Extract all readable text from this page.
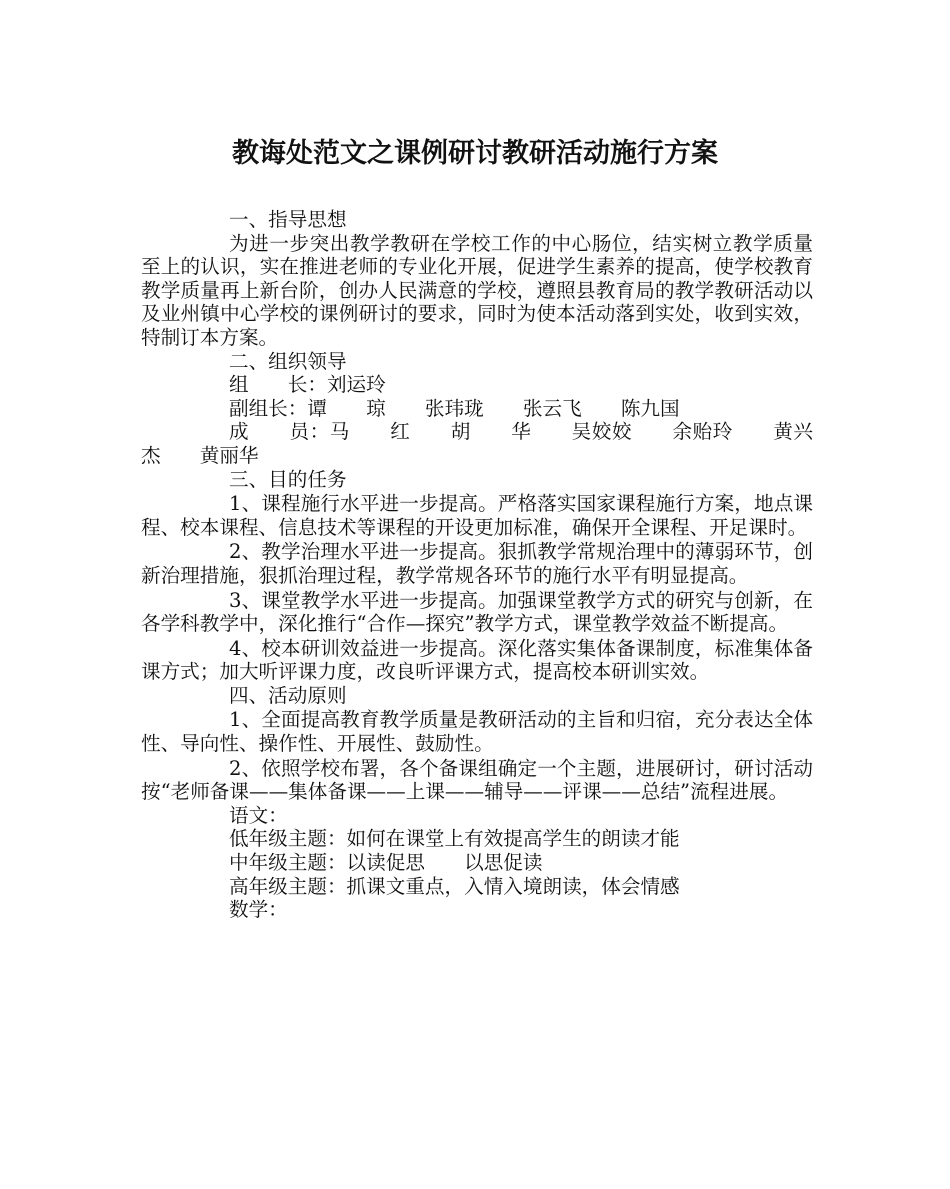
教诲处范文之课例研讨教研活动施行方案

一、指导思想

为进一步突出教学教研在学校工作的中心肠位，结实树立教学质量至上的认识，实在推进老师的专业化开展，促进学生素养的提高，使学校教育教学质量再上新台阶，创办人民满意的学校，遵照县教育局的教学教研活动以及业州镇中心学校的课例研讨的要求，同时为使本活动落到实处，收到实效，特制订本方案。

二、组织领导

组　　长：刘运玲

副组长：谭　　琼　　张玮珑　　张云飞　　陈九国

成　　员：马　　红　　胡　　华　　吴姣姣　　余贻玲　　黄兴杰　　黄丽华

三、目的任务

1、课程施行水平进一步提高。严格落实国家课程施行方案，地点课程、校本课程、信息技术等课程的开设更加标准，确保开全课程、开足课时。

2、教学治理水平进一步提高。狠抓教学常规治理中的薄弱环节，创新治理措施，狠抓治理过程，教学常规各环节的施行水平有明显提高。

3、课堂教学水平进一步提高。加强课堂教学方式的研究与创新，在各学科教学中，深化推行“合作—探究”教学方式，课堂教学效益不断提高。

4、校本研训效益进一步提高。深化落实集体备课制度，标准集体备课方式；加大听评课力度，改良听评课方式，提高校本研训实效。

四、活动原则

1、全面提高教育教学质量是教研活动的主旨和归宿，充分表达全体性、导向性、操作性、开展性、鼓励性。

2、依照学校布署，各个备课组确定一个主题，进展研讨，研讨活动按“老师备课——集体备课——上课——辅导——评课——总结”流程进展。

语文：

低年级主题：如何在课堂上有效提高学生的朗读才能

中年级主题：以读促思　　以思促读

高年级主题：抓课文重点，入情入境朗读，体会情感

数学：
